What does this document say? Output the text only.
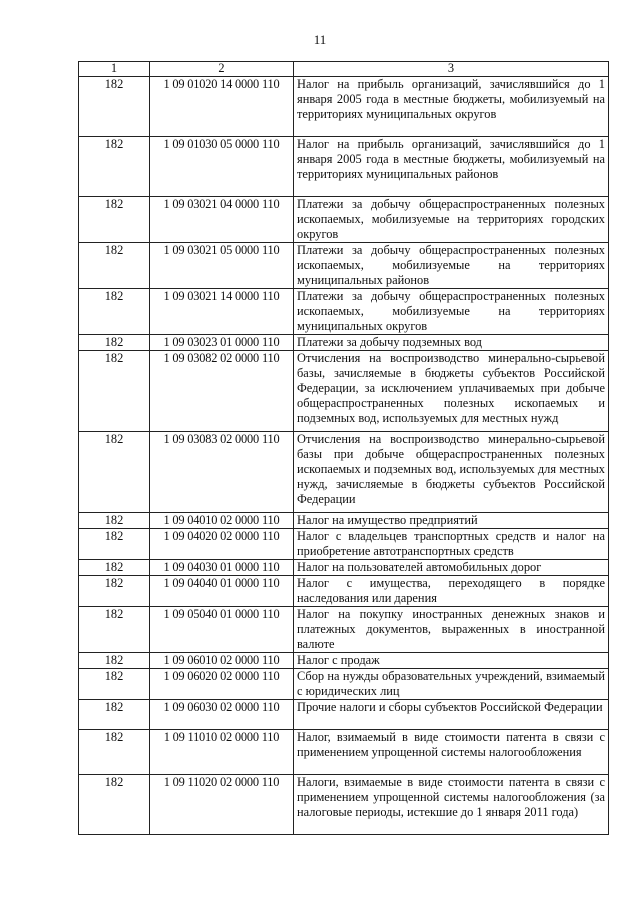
11
1	2	3
182	1 09 01020 14 0000 110	Налог на прибыль организаций, зачислявшийся до 1 января 2005 года в местные бюджеты, мобилизуемый на территориях муниципальных округов
182	1 09 01030 05 0000 110	Налог на прибыль организаций, зачислявшийся до 1 января 2005 года в местные бюджеты, мобилизуемый на территориях муниципальных районов
182	1 09 03021 04 0000 110	Платежи за добычу общераспространенных полезных ископаемых, мобилизуемые на территориях городских округов
182	1 09 03021 05 0000 110	Платежи за добычу общераспространенных полезных ископаемых, мобилизуемые на территориях муниципальных районов
182	1 09 03021 14 0000 110	Платежи за добычу общераспространенных полезных ископаемых, мобилизуемые на территориях муниципальных округов
182	1 09 03023 01 0000 110	Платежи за добычу подземных вод
182	1 09 03082 02 0000 110	Отчисления на воспроизводство минерально-сырьевой базы, зачисляемые в бюджеты субъектов Российской Федерации, за исключением уплачиваемых при добыче общераспространенных полезных ископаемых и подземных вод, используемых для местных нужд
182	1 09 03083 02 0000 110	Отчисления на воспроизводство минерально-сырьевой базы при добыче общераспространенных полезных ископаемых и подземных вод, используемых для местных нужд, зачисляемые в бюджеты субъектов Российской Федерации
182	1 09 04010 02 0000 110	Налог на имущество предприятий
182	1 09 04020 02 0000 110	Налог с владельцев транспортных средств и налог на приобретение автотранспортных средств
182	1 09 04030 01 0000 110	Налог на пользователей автомобильных дорог
182	1 09 04040 01 0000 110	Налог с имущества, переходящего в порядке наследования или дарения
182	1 09 05040 01 0000 110	Налог на покупку иностранных денежных знаков и платежных документов, выраженных в иностранной валюте
182	1 09 06010 02 0000 110	Налог с продаж
182	1 09 06020 02 0000 110	Сбор на нужды образовательных учреждений, взимаемый с юридических лиц
182	1 09 06030 02 0000 110	Прочие налоги и сборы субъектов Российской Федерации
182	1 09 11010 02 0000 110	Налог, взимаемый в виде стоимости патента в связи с применением упрощенной системы налогообложения
182	1 09 11020 02 0000 110	Налоги, взимаемые в виде стоимости патента в связи с применением упрощенной системы налогообложения (за налоговые периоды, истекшие до 1 января 2011 года)
